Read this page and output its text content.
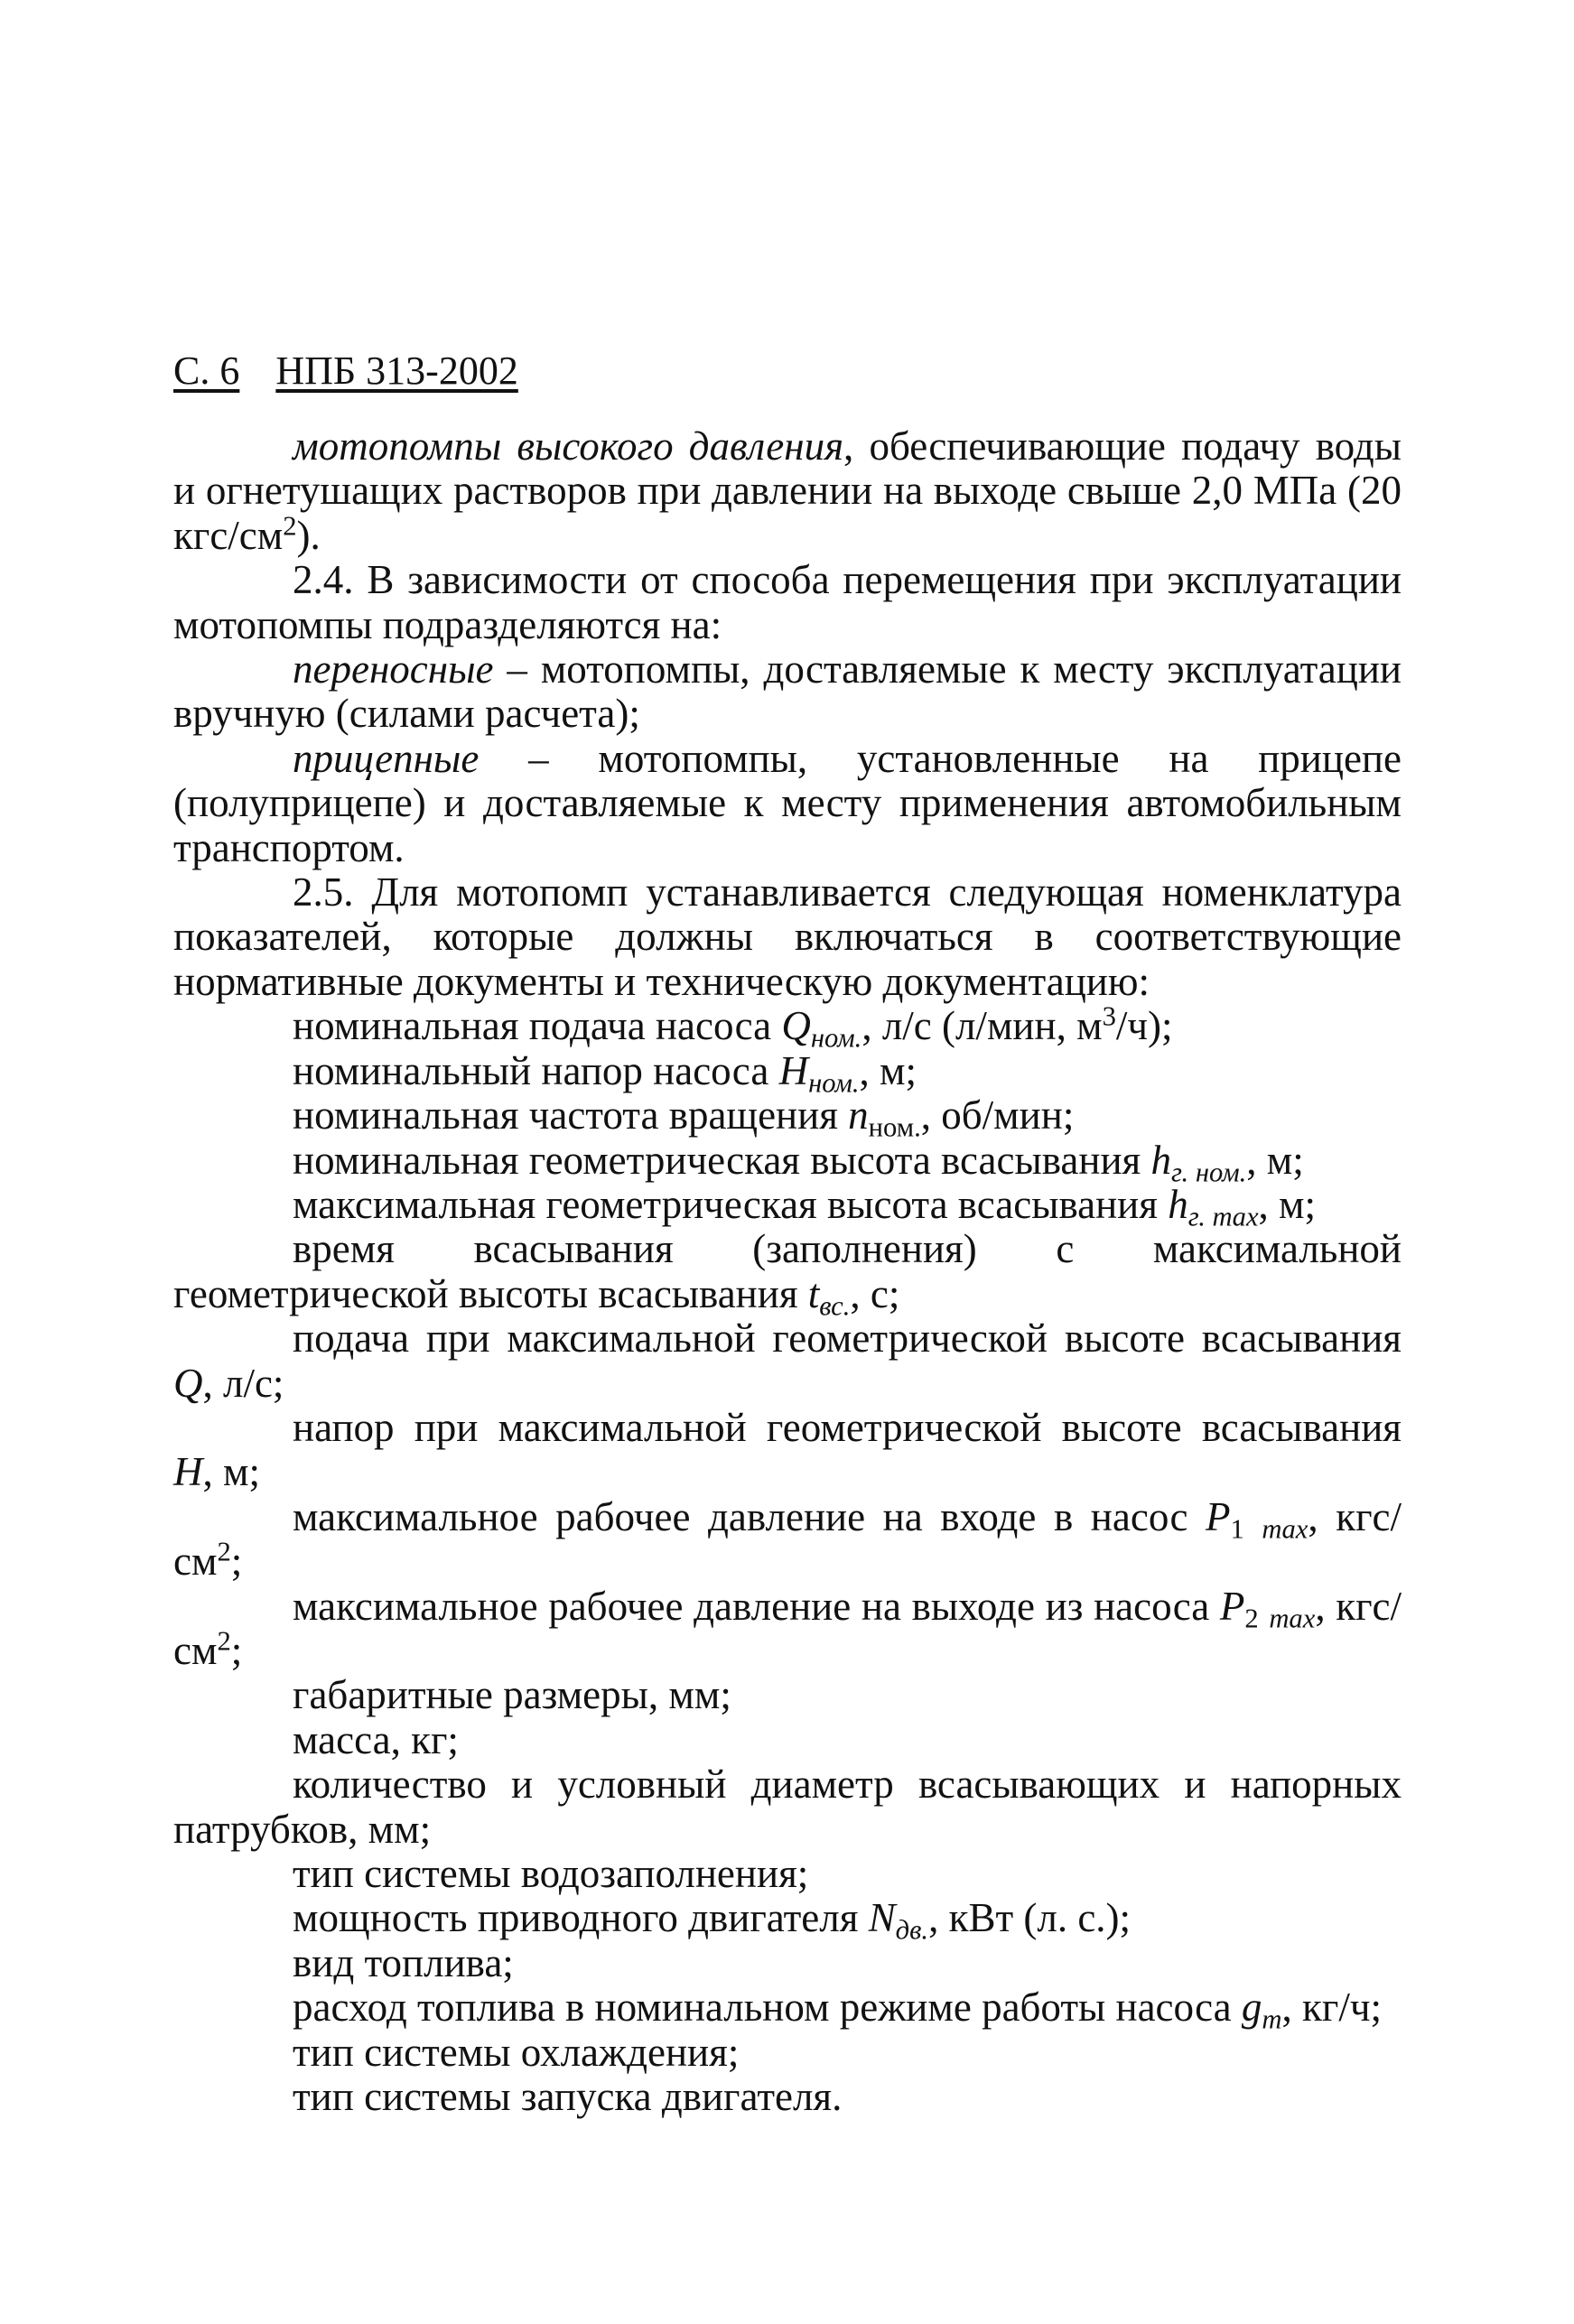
С. 6 НПБ 313-2002

мотопомпы высокого давления, обеспечивающие подачу воды и огнетушащих растворов при давлении на выходе свыше 2,0 МПа (20 кгс/$см^2$).

2.4. В зависимости от способа перемещения при эксплуатации мотопомпы подразделяются на:

переносные – мотопомпы, доставляемые к месту эксплуатации вручную (силами расчета);

прицепные – мотопомпы, установленные на прицепе (полуприцепе) и доставляемые к месту применения автомобильным транспортом.

2.5. Для мотопомп устанавливается следующая номенклатура показателей, которые должны включаться в соответствующие нормативные документы и техническую документацию:

номинальная подача насоса $Q_{ном.}$, л/с (л/мин, $м^3/ч$);

номинальный напор насоса $H_{ном.}$, м;

номинальная частота вращения $n_{ном.}$, об/мин;

номинальная геометрическая высота всасывания $h_{г. ном.}$, м;

максимальная геометрическая высота всасывания $h_{г. max}$, м;

время всасывания (заполнения) с максимальной геометрической высоты всасывания $t_{вс.}$, с;

подача при максимальной геометрической высоте всасывания Q, л/с;

напор при максимальной геометрической высоте всасывания H, м;

максимальное рабочее давление на входе в насос $P_1$ $_{max}$, кгс/$см^2$;

максимальное рабочее давление на выходе из насоса $P_2$ $_{max}$, кгс/$см^2$;

габаритные размеры, мм;

масса, кг;

количество и условный диаметр всасывающих и напорных патрубков, мм;

тип системы водозаполнения;

мощность приводного двигателя $N_{дв.}$, кВт (л. с.);

вид топлива;

расход топлива в номинальном режиме работы насоса $g_m$, кг/ч;

тип системы охлаждения;

тип системы запуска двигателя.
